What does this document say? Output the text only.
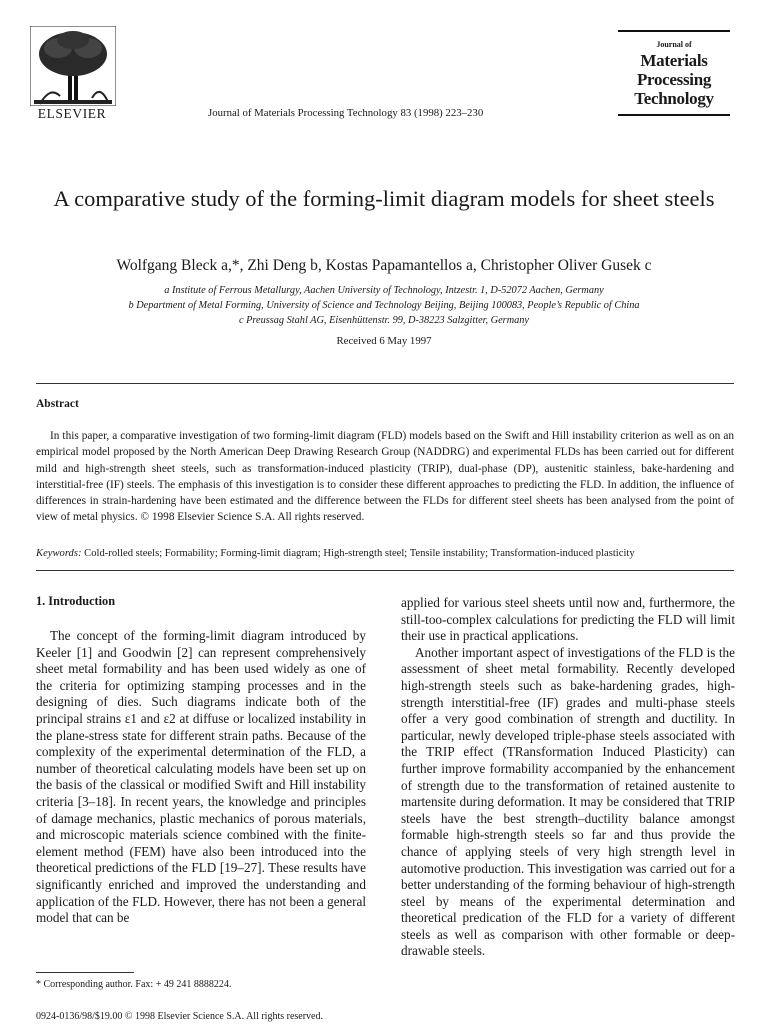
ELSEVIER	Journal of Materials Processing Technology 83 (1998) 223–230
Journal of
Materials
Processing
Technology
A comparative study of the forming-limit diagram models for sheet steels
Wolfgang Bleck a,*, Zhi Deng b, Kostas Papamantellos a, Christopher Oliver Gusek c
a Institute of Ferrous Metallurgy, Aachen University of Technology, Intzestr. 1, D-52072 Aachen, Germany
b Department of Metal Forming, University of Science and Technology Beijing, Beijing 100083, People’s Republic of China
c Preussag Stahl AG, Eisenhüttenstr. 99, D-38223 Salzgitter, Germany
Received 6 May 1997
Abstract
In this paper, a comparative investigation of two forming-limit diagram (FLD) models based on the Swift and Hill instability criterion as well as on an empirical model proposed by the North American Deep Drawing Research Group (NADDRG) and experimental FLDs has been carried out for different mild and high-strength sheet steels, such as transformation-induced plasticity (TRIP), dual-phase (DP), austenitic stainless, bake-hardening and interstitial-free (IF) steels. The emphasis of this investigation is to consider these different approaches to predicting the FLD. In addition, the influence of differences in strain-hardening have been estimated and the difference between the FLDs for different steel sheets has been analysed from the point of view of metal physics. © 1998 Elsevier Science S.A. All rights reserved.
Keywords: Cold-rolled steels; Formability; Forming-limit diagram; High-strength steel; Tensile instability; Transformation-induced plasticity
1. Introduction

The concept of the forming-limit diagram introduced by Keeler [1] and Goodwin [2] can represent comprehensively sheet metal formability and has been used widely as one of the criteria for optimizing stamping processes and in the designing of dies. Such diagrams indicate both of the principal strains ε1 and ε2 at diffuse or localized instability in the plane-stress state for different strain paths. Because of the complexity of the experimental determination of the FLD, a number of theoretical calculating models have been set up on the basis of the classical or modified Swift and Hill instability criteria [3–18]. In recent years, the knowledge and principles of damage mechanics, plastic mechanics of porous materials, and microscopic materials science combined with the finite-element method (FEM) have also been introduced into the theoretical predictions of the FLD [19–27]. These results have significantly enriched and improved the understanding and application of the FLD. However, there has not been a general model that can be

applied for various steel sheets until now and, furthermore, the still-too-complex calculations for predicting the FLD will limit their use in practical applications.

Another important aspect of investigations of the FLD is the assessment of sheet metal formability. Recently developed high-strength steels such as bake-hardening grades, high-strength interstitial-free (IF) grades and multi-phase steels offer a very good combination of strength and ductility. In particular, newly developed triple-phase steels associated with the TRIP effect (TRansformation Induced Plasticity) can further improve formability accompanied by the enhancement of strength due to the transformation of retained austenite to martensite during deformation. It may be considered that TRIP steels have the best strength–ductility balance amongst formable high-strength steels so far and thus provide the chance of applying steels of very high strength level in automotive production. This investigation was carried out for a better understanding of the forming behaviour of high-strength steel by means of the experimental determination and theoretical predication of the FLD for a variety of different steels as well as comparison with other formable or deep-drawable steels.

* Corresponding author. Fax: + 49 241 8888224.
0924-0136/98/$19.00 © 1998 Elsevier Science S.A. All rights reserved.
